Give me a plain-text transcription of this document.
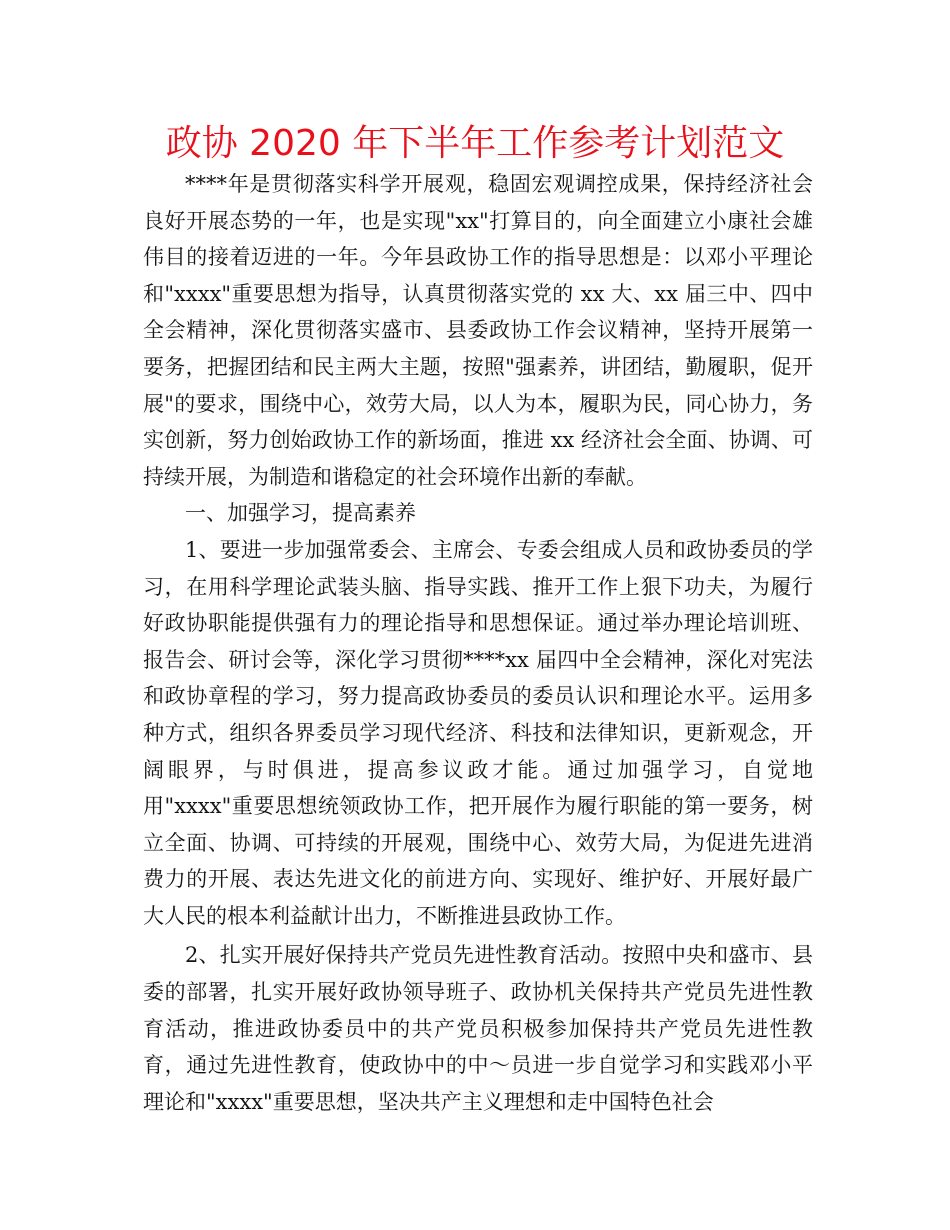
政协 2020 年下半年工作参考计划范文

****年是贯彻落实科学开展观，稳固宏观调控成果，保持经济社会良好开展态势的一年，也是实现"xx"打算目的，向全面建立小康社会雄伟目的接着迈进的一年。今年县政协工作的指导思想是：以邓小平理论和"xxxx"重要思想为指导，认真贯彻落实党的 xx 大、xx 届三中、四中全会精神，深化贯彻落实盛市、县委政协工作会议精神，坚持开展第一要务，把握团结和民主两大主题，按照"强素养，讲团结，勤履职，促开展"的要求，围绕中心，效劳大局，以人为本，履职为民，同心协力，务实创新，努力创始政协工作的新场面，推进 xx 经济社会全面、协调、可持续开展，为制造和谐稳定的社会环境作出新的奉献。

一、加强学习，提高素养

1、要进一步加强常委会、主席会、专委会组成人员和政协委员的学习，在用科学理论武装头脑、指导实践、推开工作上狠下功夫，为履行好政协职能提供强有力的理论指导和思想保证。通过举办理论培训班、报告会、研讨会等，深化学习贯彻****xx 届四中全会精神，深化对宪法和政协章程的学习，努力提高政协委员的委员认识和理论水平。运用多种方式，组织各界委员学习现代经济、科技和法律知识，更新观念，开阔眼界，与时俱进，提高参议政才能。通过加强学习，自觉地用"xxxx"重要思想统领政协工作，把开展作为履行职能的第一要务，树立全面、协调、可持续的开展观，围绕中心、效劳大局，为促进先进消费力的开展、表达先进文化的前进方向、实现好、维护好、开展好最广大人民的根本利益献计出力，不断推进县政协工作。

2、扎实开展好保持共产党员先进性教育活动。按照中央和盛市、县委的部署，扎实开展好政协领导班子、政协机关保持共产党员先进性教育活动，推进政协委员中的共产党员积极参加保持共产党员先进性教育，通过先进性教育，使政协中的中～员进一步自觉学习和实践邓小平理论和"xxxx"重要思想，坚决共产主义理想和走中国特色社会
